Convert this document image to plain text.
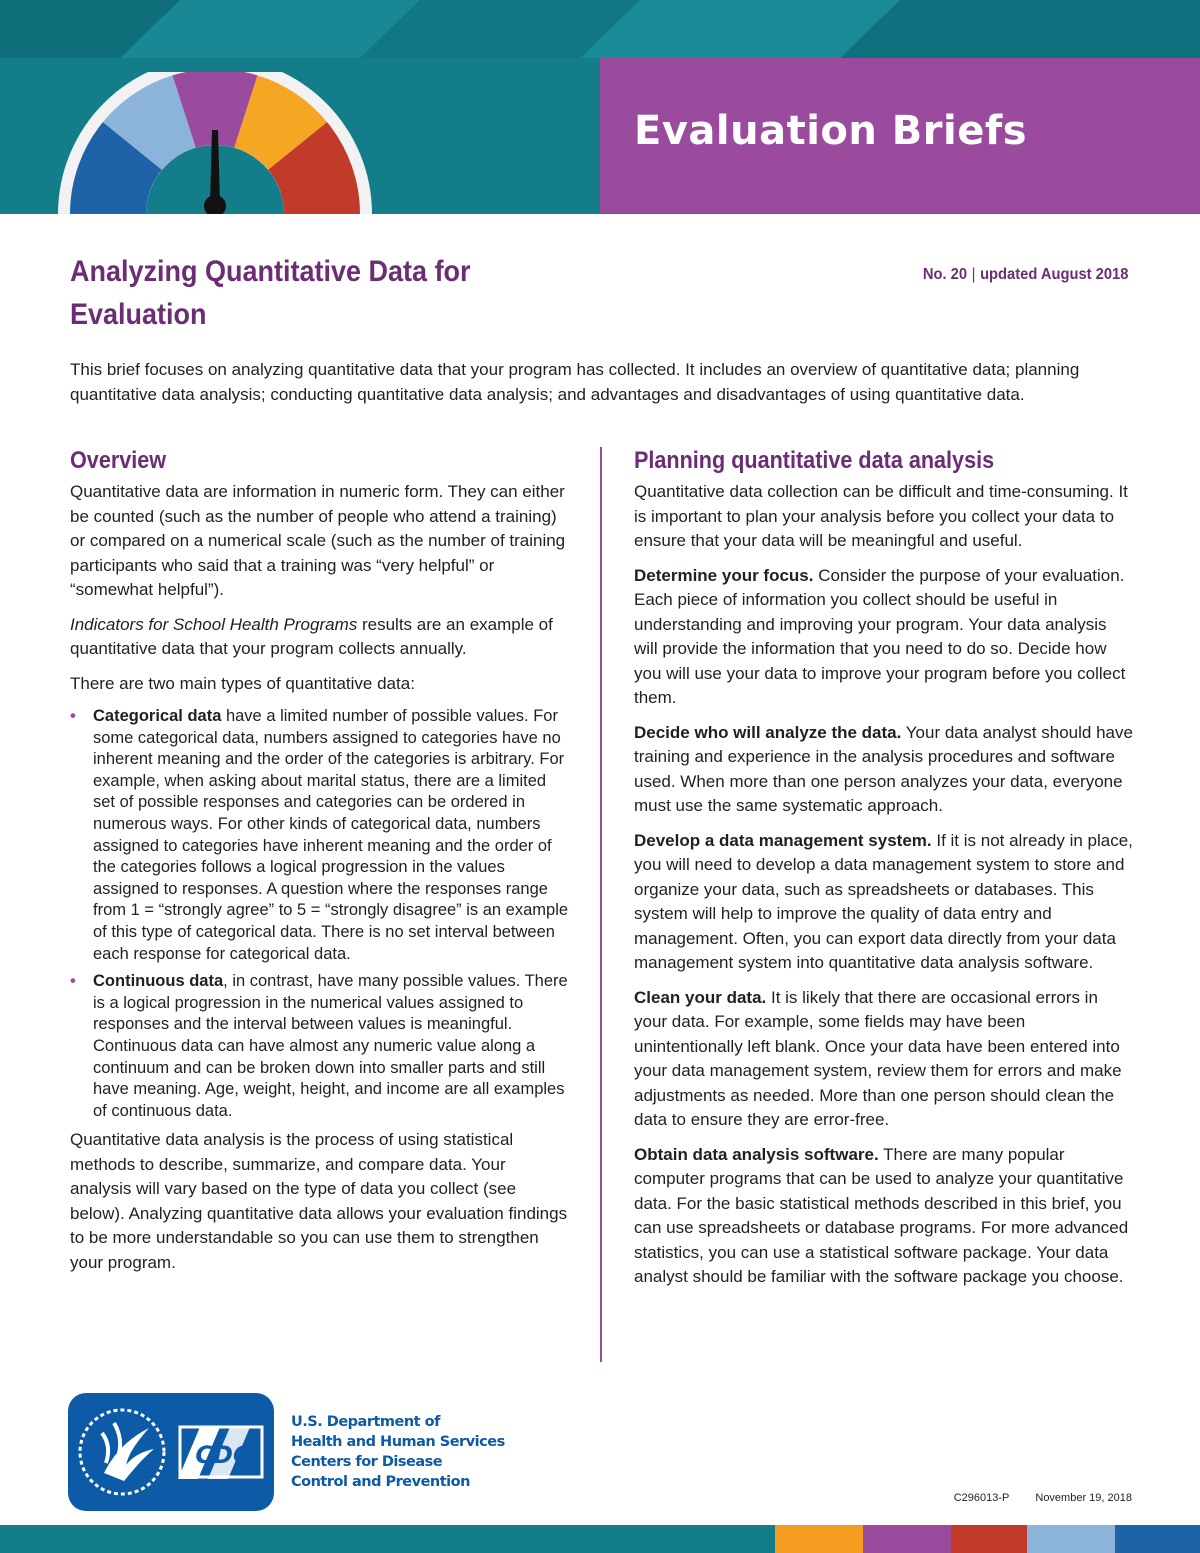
Evaluation Briefs
Analyzing Quantitative Data for Evaluation
No. 20 | updated August 2018

This brief focuses on analyzing quantitative data that your program has collected. It includes an overview of quantitative data; planning quantitative data analysis; conducting quantitative data analysis; and advantages and disadvantages of using quantitative data.

Overview

Quantitative data are information in numeric form. They can either be counted (such as the number of people who attend a training) or compared on a numerical scale (such as the number of training participants who said that a training was “very helpful” or “somewhat helpful”).

Indicators for School Health Programs results are an example of quantitative data that your program collects annually.

There are two main types of quantitative data:

• Categorical data have a limited number of possible values. For some categorical data, numbers assigned to categories have no inherent meaning and the order of the categories is arbitrary. For example, when asking about marital status, there are a limited set of possible responses and categories can be ordered in numerous ways. For other kinds of categorical data, numbers assigned to categories have inherent meaning and the order of the categories follows a logical progression in the values assigned to responses. A question where the responses range from 1 = “strongly agree” to 5 = “strongly disagree” is an example of this type of categorical data. There is no set interval between each response for categorical data.
• Continuous data, in contrast, have many possible values. There is a logical progression in the numerical values assigned to responses and the interval between values is meaningful. Continuous data can have almost any numeric value along a continuum and can be broken down into smaller parts and still have meaning. Age, weight, height, and income are all examples of continuous data.

Quantitative data analysis is the process of using statistical methods to describe, summarize, and compare data. Your analysis will vary based on the type of data you collect (see below). Analyzing quantitative data allows your evaluation findings to be more understandable so you can use them to strengthen your program.

Planning quantitative data analysis

Quantitative data collection can be difficult and time-consuming. It is important to plan your analysis before you collect your data to ensure that your data will be meaningful and useful.

Determine your focus. Consider the purpose of your evaluation. Each piece of information you collect should be useful in understanding and improving your program. Your data analysis will provide the information that you need to do so. Decide how you will use your data to improve your program before you collect them.

Decide who will analyze the data. Your data analyst should have training and experience in the analysis procedures and software used. When more than one person analyzes your data, everyone must use the same systematic approach.

Develop a data management system. If it is not already in place, you will need to develop a data management system to store and organize your data, such as spreadsheets or databases. This system will help to improve the quality of data entry and management. Often, you can export data directly from your data management system into quantitative data analysis software.

Clean your data. It is likely that there are occasional errors in your data. For example, some fields may have been unintentionally left blank. Once your data have been entered into your data management system, review them for errors and make adjustments as needed. More than one person should clean the data to ensure they are error-free.

Obtain data analysis software. There are many popular computer programs that can be used to analyze your quantitative data. For the basic statistical methods described in this brief, you can use spreadsheets or database programs. For more advanced statistics, you can use a statistical software package. Your data analyst should be familiar with the software package you choose.

CDC
U.S. Department of
Health and Human Services
Centers for Disease
Control and Prevention
C296013-P November 19, 2018
